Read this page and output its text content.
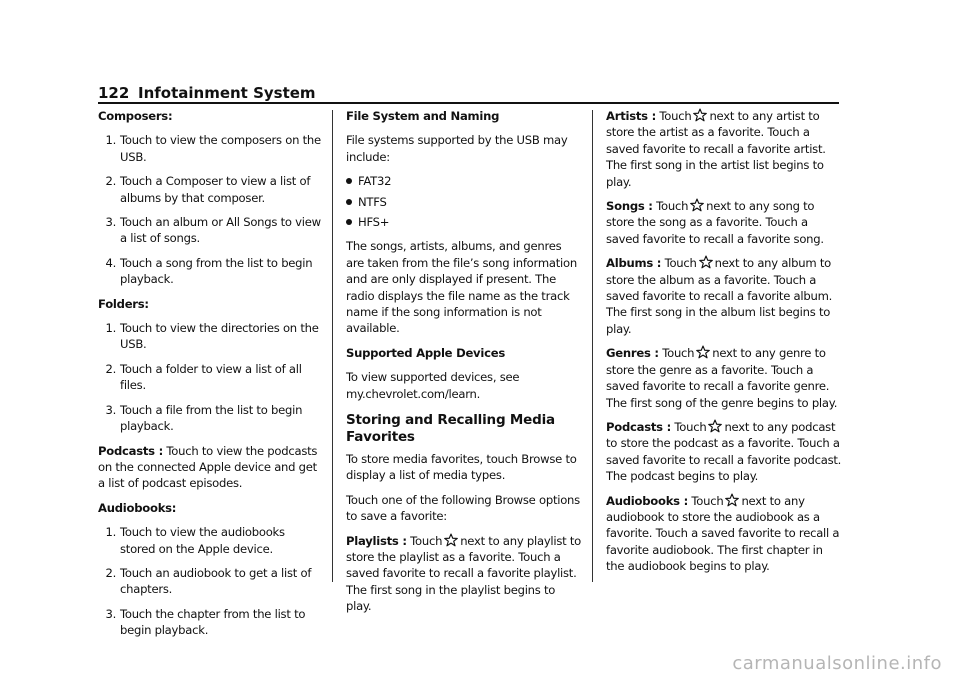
122 Infotainment System

Composers:

1. Touch to view the composers on the USB.
2. Touch a Composer to view a list of albums by that composer.
3. Touch an album or All Songs to view a list of songs.
4. Touch a song from the list to begin playback.

Folders:

1. Touch to view the directories on the USB.
2. Touch a folder to view a list of all files.
3. Touch a file from the list to begin playback.

Podcasts : Touch to view the podcasts on the connected Apple device and get a list of podcast episodes.

Audiobooks:

1. Touch to view the audiobooks stored on the Apple device.
2. Touch an audiobook to get a list of chapters.
3. Touch the chapter from the list to begin playback.

File System and Naming

File systems supported by the USB may include:

FAT32
NTFS
HFS+

The songs, artists, albums, and genres are taken from the file’s song information and are only displayed if present. The radio displays the file name as the track name if the song information is not available.

Supported Apple Devices

To view supported devices, see my.chevrolet.com/learn.

Storing and Recalling Media Favorites

To store media favorites, touch Browse to display a list of media types.

Touch one of the following Browse options to save a favorite:

Playlists : Touch next to any playlist to store the playlist as a favorite. Touch a saved favorite to recall a favorite playlist. The first song in the playlist begins to play.

Artists : Touch next to any artist to store the artist as a favorite. Touch a saved favorite to recall a favorite artist. The first song in the artist list begins to play.

Songs : Touch next to any song to store the song as a favorite. Touch a saved favorite to recall a favorite song.

Albums : Touch next to any album to store the album as a favorite. Touch a saved favorite to recall a favorite album. The first song in the album list begins to play.

Genres : Touch next to any genre to store the genre as a favorite. Touch a saved favorite to recall a favorite genre. The first song of the genre begins to play.

Podcasts : Touch next to any podcast to store the podcast as a favorite. Touch a saved favorite to recall a favorite podcast. The podcast begins to play.

Audiobooks : Touch next to any audiobook to store the audiobook as a favorite. Touch a saved favorite to recall a favorite audiobook. The first chapter in the audiobook begins to play.

carmanualsonline.info
